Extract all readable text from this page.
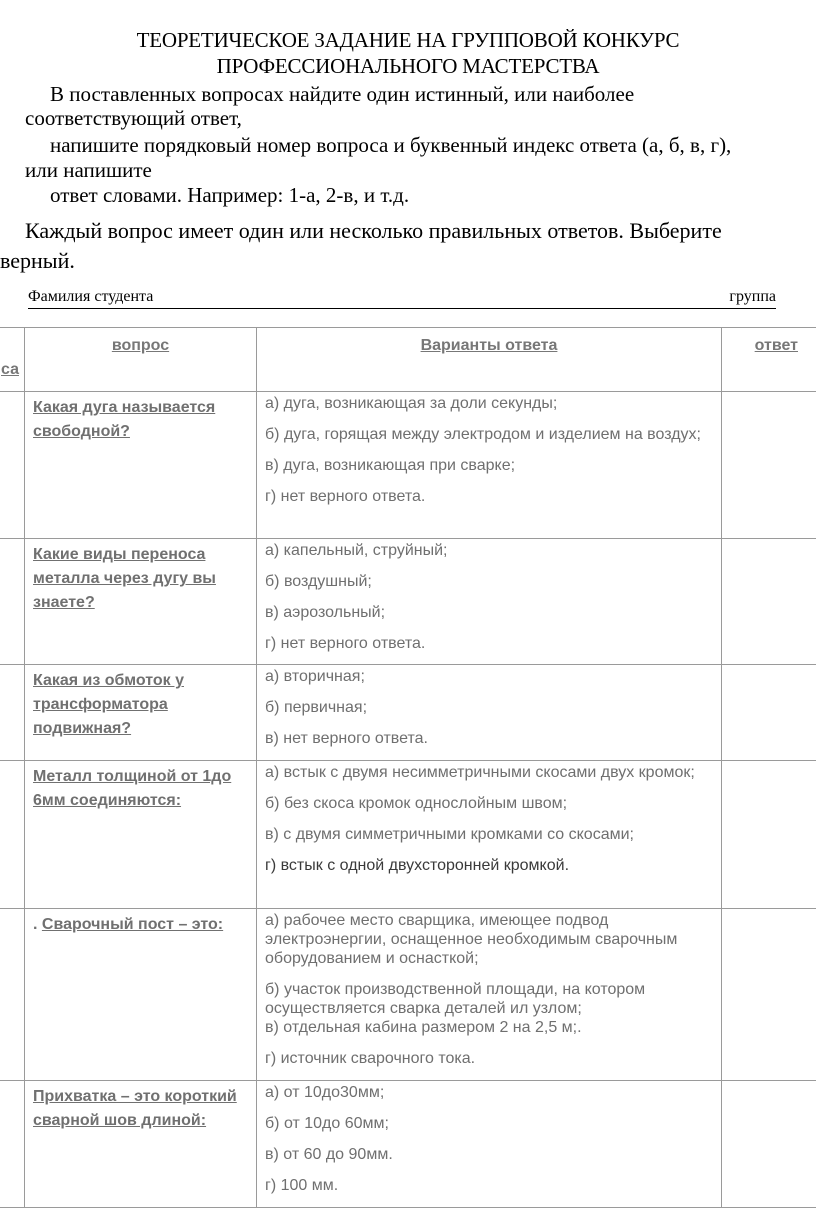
ТЕОРЕТИЧЕСКОЕ ЗАДАНИЕ НА ГРУППОВОЙ КОНКУРС
ПРОФЕССИОНАЛЬНОГО МАСТЕРСТВА
В поставленных вопросах найдите один истинный, или наиболее
соответствующий ответ,
напишите порядковый номер вопроса и буквенный индекс ответа (а, б, в, г),
или напишите
ответ словами. Например: 1-а, 2-в, и т.д.
Каждый вопрос имеет один или несколько правильных ответов. Выберите
верный.
Фамилия студента	группа
са	вопрос	Варианты ответа	ответ

	Какая дуга называется свободной?	а) дуга, возникающая за доли секунды;
б) дуга, горящая между электродом и изделием на воздух;
в) дуга, возникающая при сварке;
г) нет верного ответа.	

	Какие виды переноса металла через дугу вы знаете?	а) капельный, струйный;
б) воздушный;
в) аэрозольный;
г) нет верного ответа.	

	Какая из обмоток у трансформатора подвижная?	а) вторичная;
б) первичная;
в) нет верного ответа.	

	Металл толщиной от 1до 6мм соединяются:	а) встык с двумя несимметричными скосами двух кромок;
б) без скоса кромок однослойным швом;
в) с двумя симметричными кромками со скосами;
г) встык с одной двухсторонней кромкой.	

	. Сварочный пост – это:	а) рабочее место сварщика, имеющее подвод электроэнергии, оснащенное необходимым сварочным оборудованием и оснасткой;
б) участок производственной площади, на котором осуществляется сварка деталей ил узлом;
в) отдельная кабина размером 2 на 2,5 м;.
г) источник сварочного тока.	

	Прихватка – это короткий сварной шов длиной:	а) от 10до30мм;
б) от 10до 60мм;
в) от 60 до 90мм.
г) 100 мм.	
